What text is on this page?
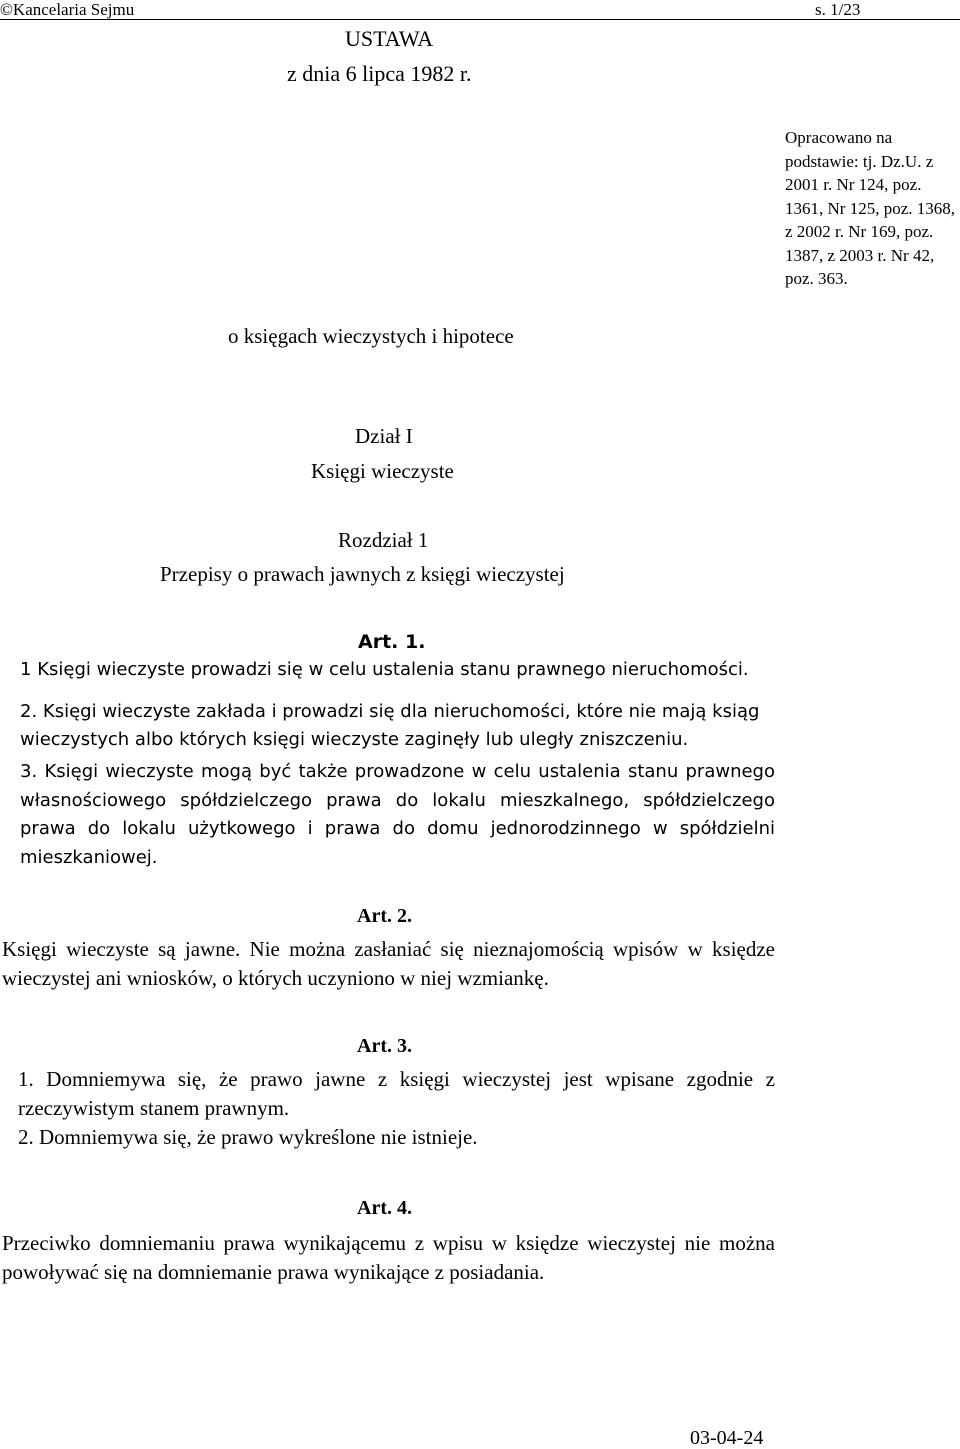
©Kancelaria Sejmu	s. 1/23
Opracowano na podstawie: tj. Dz.U. z 2001 r. Nr 124, poz. 1361, Nr 125, poz. 1368, z 2002 r. Nr 169, poz. 1387, z 2003 r. Nr 42, poz. 363.
USTAWA
z dnia 6 lipca 1982 r.
o księgach wieczystych i hipotece
Dział I
Księgi wieczyste
Rozdział 1
Przepisy o prawach jawnych z księgi wieczystej
Art. 1.
1 Księgi wieczyste prowadzi się w celu ustalenia stanu prawnego nieruchomości.
2. Księgi wieczyste zakłada i prowadzi się dla nieruchomości, które nie mają ksiąg wieczystych albo których księgi wieczyste zaginęły lub uległy zniszczeniu.
3. Księgi wieczyste mogą być także prowadzone w celu ustalenia stanu prawnego własnościowego spółdzielczego prawa do lokalu mieszkalnego, spółdzielczego prawa do lokalu użytkowego i prawa do domu jednorodzinnego w spółdzielni mieszkaniowej.
Art. 2.
Księgi wieczyste są jawne. Nie można zasłaniać się nieznajomością wpisów w księdze wieczystej ani wniosków, o których uczyniono w niej wzmiankę.
Art. 3.
1. Domniemywa się, że prawo jawne z księgi wieczystej jest wpisane zgodnie z rzeczywistym stanem prawnym.
2. Domniemywa się, że prawo wykreślone nie istnieje.
Art. 4.
Przeciwko domniemaniu prawa wynikającemu z wpisu w księdze wieczystej nie można powoływać się na domniemanie prawa wynikające z posiadania.
03-04-24
